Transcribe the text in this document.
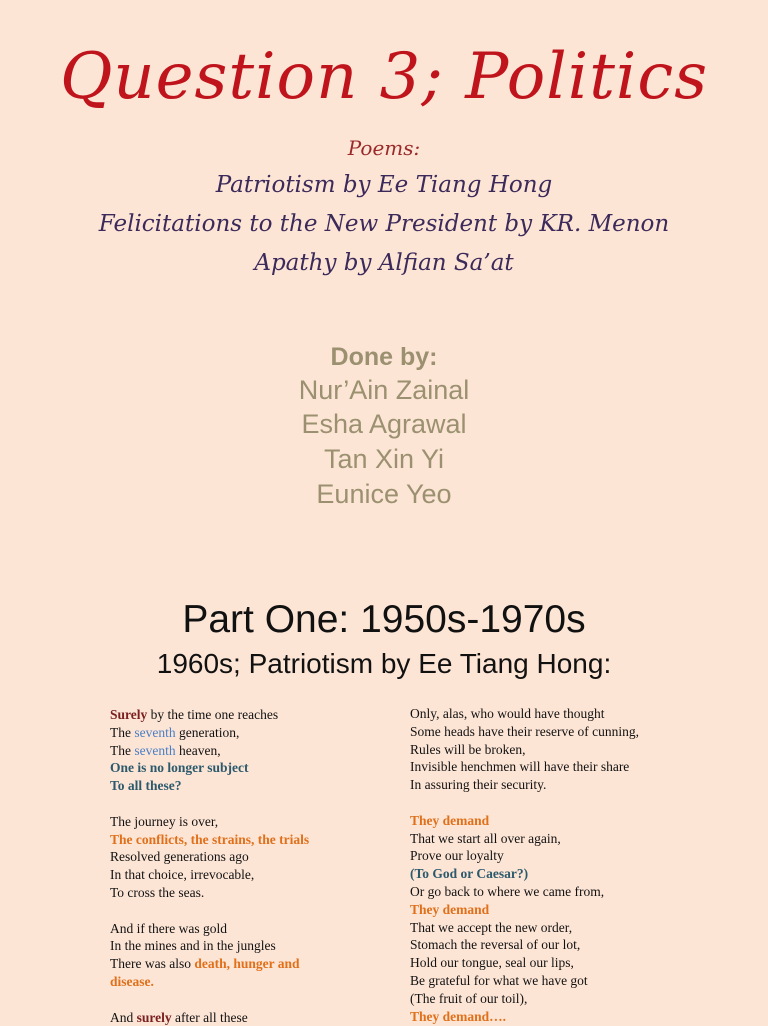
Question 3; Politics
Poems:
Patriotism by Ee Tiang Hong
Felicitations to the New President by KR. Menon
Apathy by Alfian Sa’at
Done by:
Nur’Ain Zainal
Esha Agrawal
Tan Xin Yi
Eunice Yeo
Part One: 1950s-1970s
1960s; Patriotism by Ee Tiang Hong:
Surely by the time one reaches
The seventh generation,
The seventh heaven,
One is no longer subject
To all these?
The journey is over,
The conflicts, the strains, the trials
Resolved generations ago
In that choice, irrevocable,
To cross the seas.
And if there was gold
In the mines and in the jungles
There was also death, hunger and
disease.
And surely after all these
Only, alas, who would have thought
Some heads have their reserve of cunning,
Rules will be broken,
Invisible henchmen will have their share
In assuring their security.
They demand
That we start all over again,
Prove our loyalty
(To God or Caesar?)
Or go back to where we came from,
They demand
That we accept the new order,
Stomach the reversal of our lot,
Hold our tongue, seal our lips,
Be grateful for what we have got
(The fruit of our toil),
They demand….
